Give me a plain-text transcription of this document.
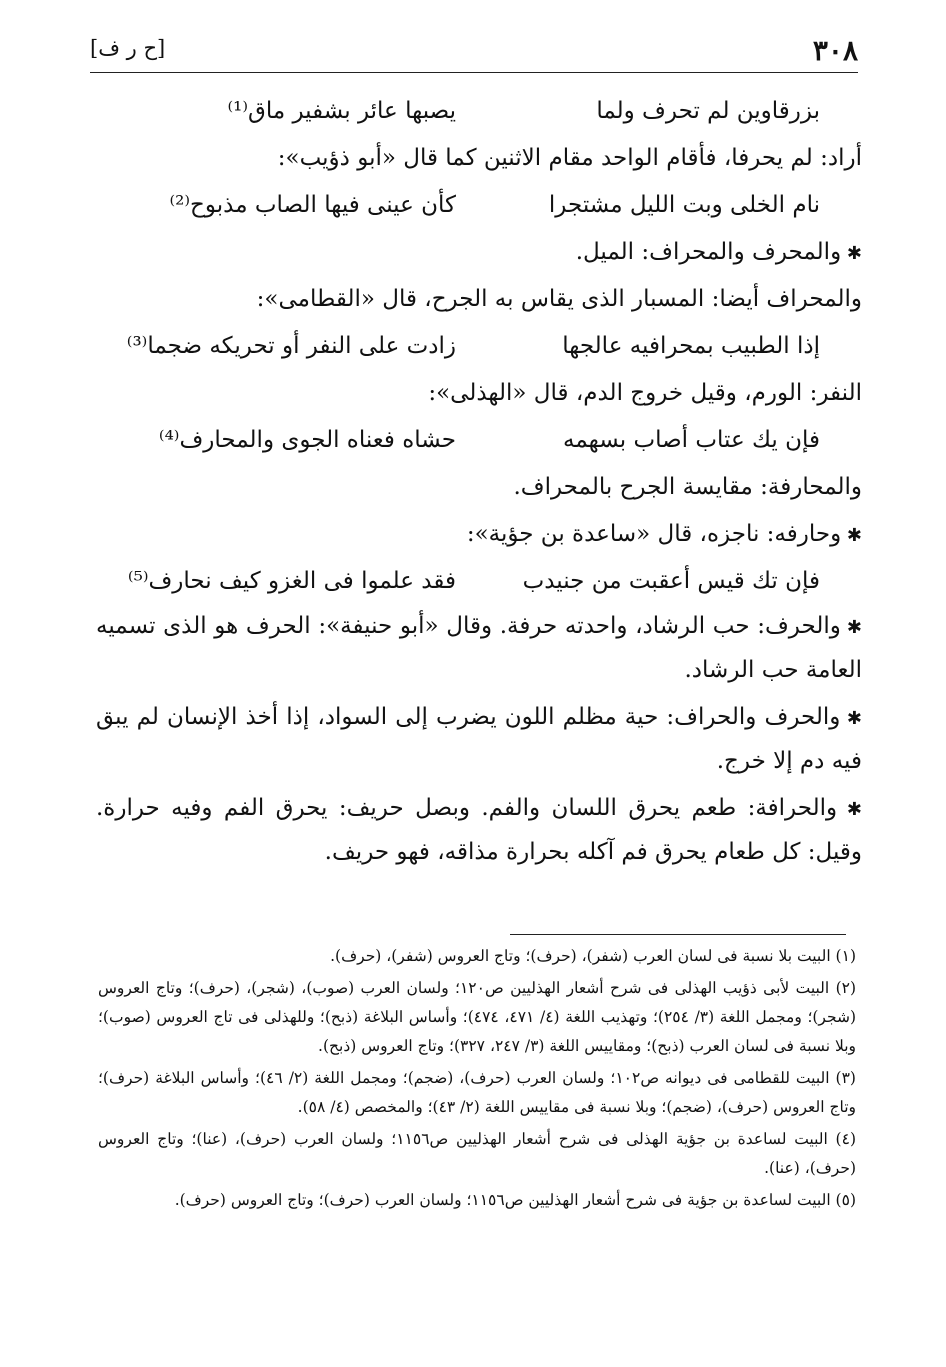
٣٠٨
[ح ر ف]
بزرقاوين لم تحرف ولما
يصبها عائر بشفير ماق⁽¹⁾
أراد: لم يحرفا، فأقام الواحد مقام الاثنين كما قال «أبو ذؤيب»:
نام الخلى وبت الليل مشتجرا
كأن عينى فيها الصاب مذبوح⁽²⁾
✱ والمحرف والمحراف: الميل.
والمحراف أيضا: المسبار الذى يقاس به الجرح، قال «القطامى»:
إذا الطبيب بمحرافيه عالجها
زادت على النفر أو تحريكه ضجما⁽³⁾
النفر: الورم، وقيل خروج الدم، قال «الهذلى»:
فإن يك عتاب أصاب بسهمه
حشاه فعناه الجوى والمحارف⁽⁴⁾
والمحارفة: مقايسة الجرح بالمحراف.
✱ وحارفه: ناجزه، قال «ساعدة بن جؤية»:
فإن تك قيس أعقبت من جنيدب
فقد علموا فى الغزو كيف نحارف⁽⁵⁾
✱ والحرف: حب الرشاد، واحدته حرفة. وقال «أبو حنيفة»: الحرف هو الذى تسميه العامة حب الرشاد.
✱ والحرف والحراف: حية مظلم اللون يضرب إلى السواد، إذا أخذ الإنسان لم يبق فيه دم إلا خرج.
✱ والحرافة: طعم يحرق اللسان والفم. وبصل حريف: يحرق الفم وفيه حرارة. وقيل: كل طعام يحرق فم آكله بحرارة مذاقه، فهو حريف.
(١) البيت بلا نسبة فى لسان العرب (شفر)، (حرف)؛ وتاج العروس (شفر)، (حرف).
(٢) البيت لأبى ذؤيب الهذلى فى شرح أشعار الهذليين ص١٢٠؛ ولسان العرب (صوب)، (شجر)، (حرف)؛ وتاج العروس (شجر)؛ ومجمل اللغة (٣/ ٢٥٤)؛ وتهذيب اللغة (٤/ ٤٧١، ٤٧٤)؛ وأساس البلاغة (ذبح)؛ وللهذلى فى تاج العروس (صوب)؛ وبلا نسبة فى لسان العرب (ذبح)؛ ومقاييس اللغة (٣/ ٢٤٧، ٣٢٧)؛ وتاج العروس (ذبح).
(٣) البيت للقطامى فى ديوانه ص١٠٢؛ ولسان العرب (حرف)، (ضجم)؛ ومجمل اللغة (٢/ ٤٦)؛ وأساس البلاغة (حرف)؛ وتاج العروس (حرف)، (ضجم)؛ وبلا نسبة فى مقاييس اللغة (٢/ ٤٣)؛ والمخصص (٤/ ٥٨).
(٤) البيت لساعدة بن جؤية الهذلى فى شرح أشعار الهذليين ص١١٥٦؛ ولسان العرب (حرف)، (عنا)؛ وتاج العروس (حرف)، (عنا).
(٥) البيت لساعدة بن جؤية فى شرح أشعار الهذليين ص١١٥٦؛ ولسان العرب (حرف)؛ وتاج العروس (حرف).
